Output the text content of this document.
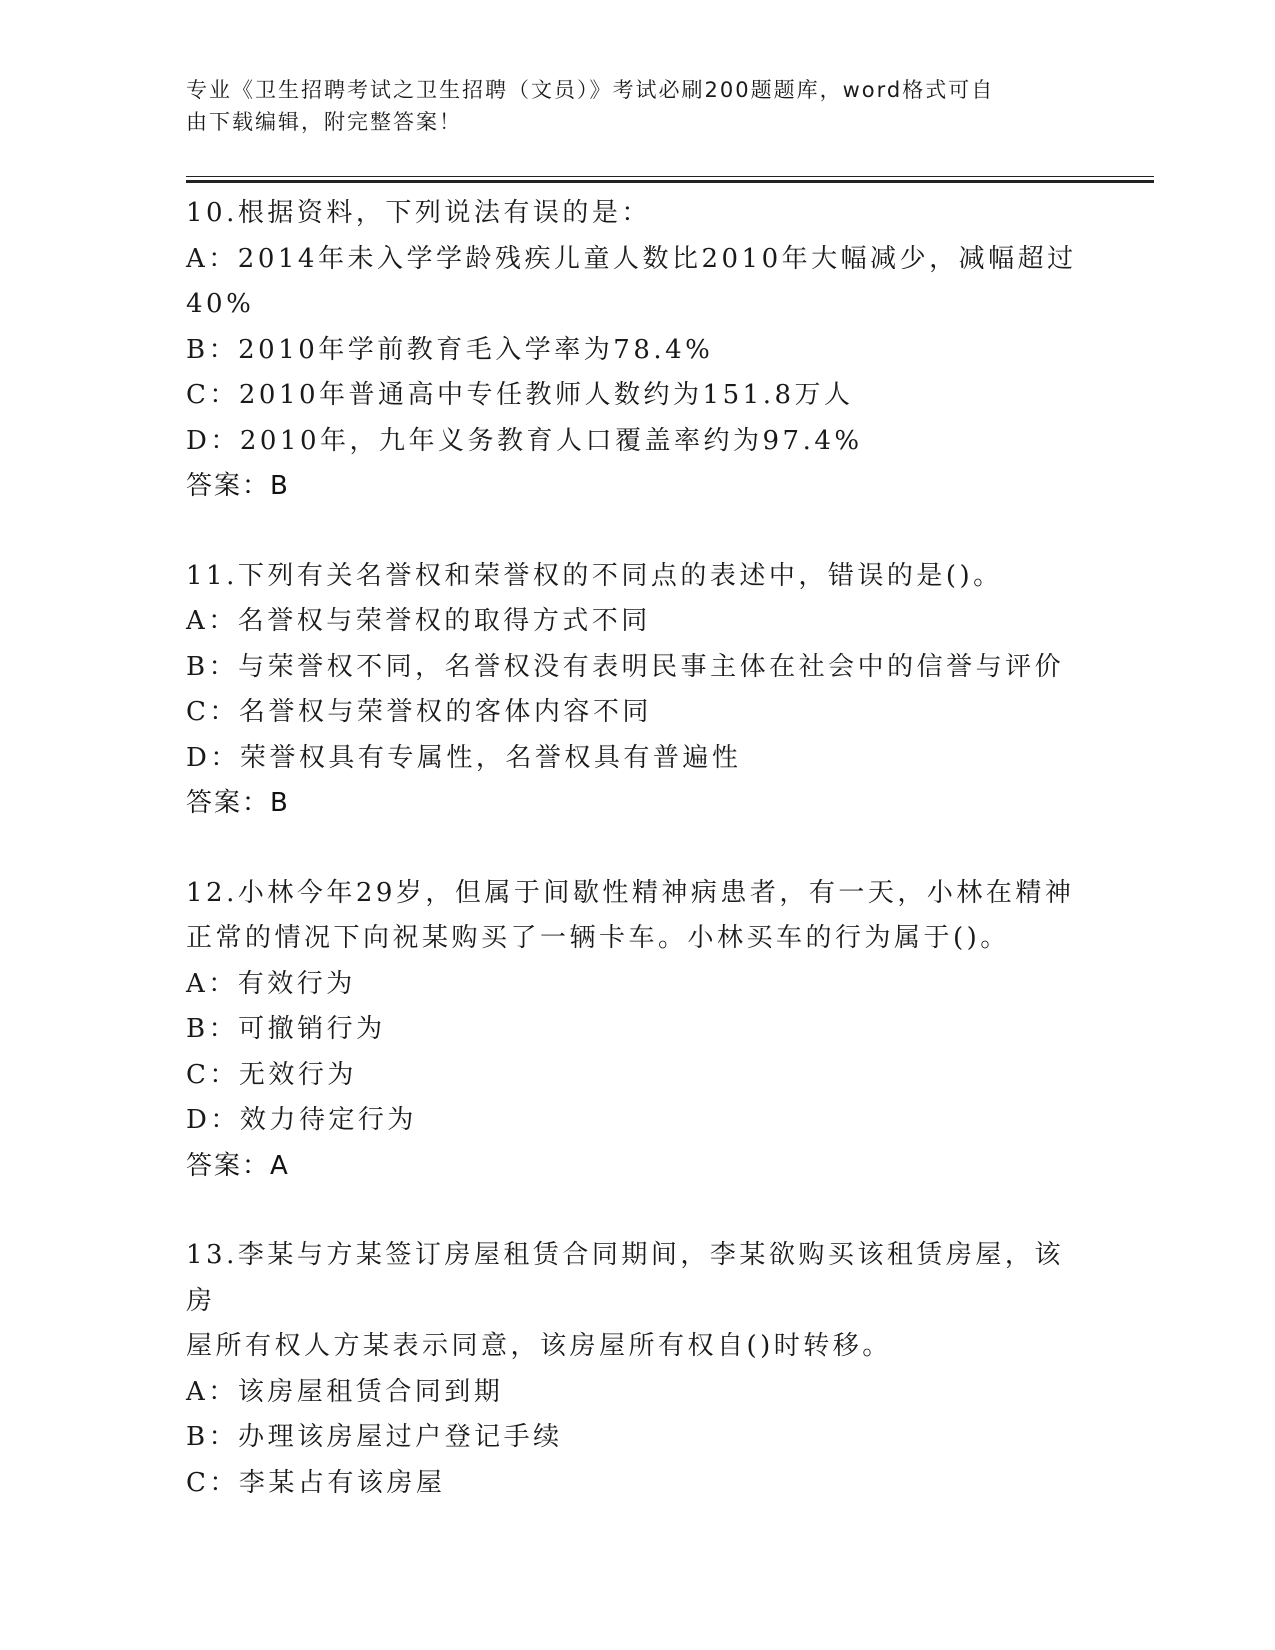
专业《卫生招聘考试之卫生招聘（文员）》考试必刷200题题库，word格式可自
由下载编辑，附完整答案！
10.根据资料，下列说法有误的是：
A：2014年未入学学龄残疾儿童人数比2010年大幅减少，减幅超过
40%
B：2010年学前教育毛入学率为78.4%
C：2010年普通高中专任教师人数约为151.8万人
D：2010年，九年义务教育人口覆盖率约为97.4%
答案：B
11.下列有关名誉权和荣誉权的不同点的表述中，错误的是()。
A：名誉权与荣誉权的取得方式不同
B：与荣誉权不同，名誉权没有表明民事主体在社会中的信誉与评价
C：名誉权与荣誉权的客体内容不同
D：荣誉权具有专属性，名誉权具有普遍性
答案：B
12.小林今年29岁，但属于间歇性精神病患者，有一天，小林在精神
正常的情况下向祝某购买了一辆卡车。小林买车的行为属于()。
A：有效行为
B：可撤销行为
C：无效行为
D：效力待定行为
答案：A
13.李某与方某签订房屋租赁合同期间，李某欲购买该租赁房屋，该房
屋所有权人方某表示同意，该房屋所有权自()时转移。
A：该房屋租赁合同到期
B：办理该房屋过户登记手续
C：李某占有该房屋
